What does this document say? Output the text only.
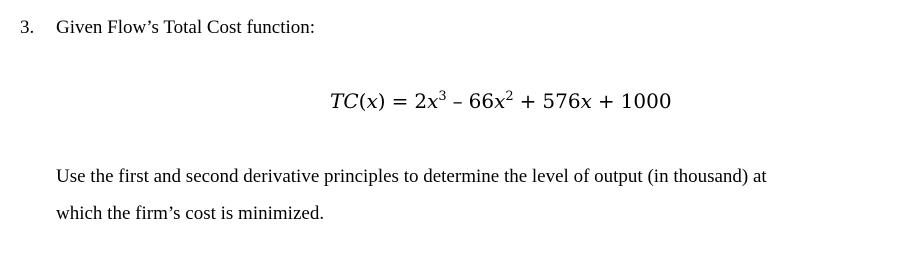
3. Given Flow’s Total Cost function:
$TC(x) = 2x^3 - 66x^2 + 576x + 1000$
Use the first and second derivative principles to determine the level of output (in thousand) at
which the firm’s cost is minimized.
